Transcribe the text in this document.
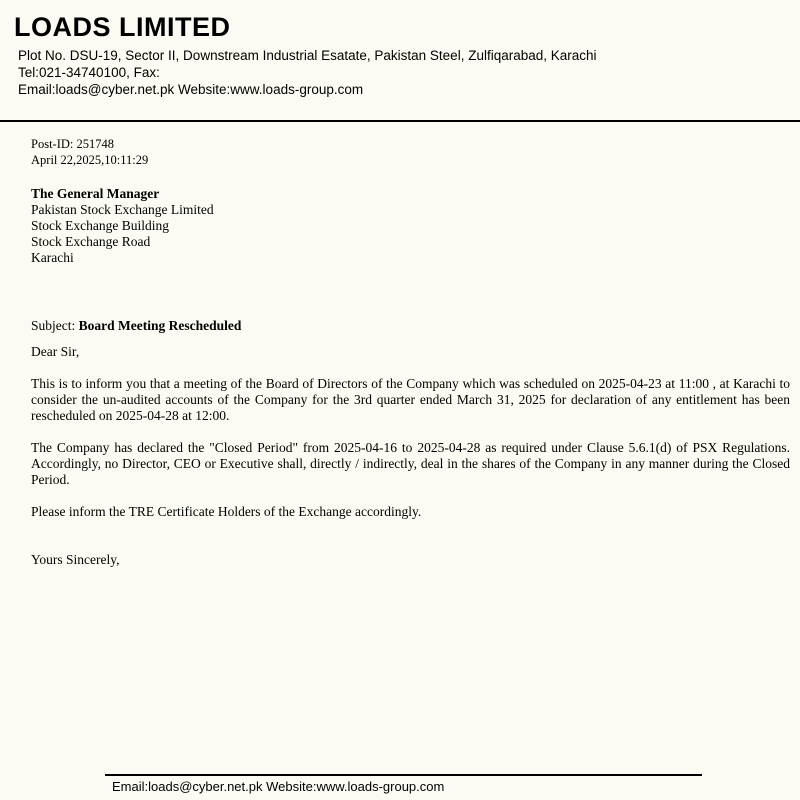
LOADS LIMITED
Plot No. DSU-19, Sector II, Downstream Industrial Esatate, Pakistan Steel, Zulfiqarabad, Karachi
Tel:021-34740100, Fax:
Email:loads@cyber.net.pk Website:www.loads-group.com
Post-ID: 251748
April 22,2025,10:11:29
The General Manager
Pakistan Stock Exchange Limited
Stock Exchange Building
Stock Exchange Road
Karachi
Subject: Board Meeting Rescheduled
Dear Sir,

This is to inform you that a meeting of the Board of Directors of the Company which was scheduled on 2025-04-23 at 11:00 , at Karachi to consider the un-audited accounts of the Company for the 3rd quarter ended March 31, 2025 for declaration of any entitlement has been rescheduled on 2025-04-28 at 12:00.

The Company has declared the "Closed Period" from 2025-04-16 to 2025-04-28 as required under Clause 5.6.1(d) of PSX Regulations. Accordingly, no Director, CEO or Executive shall, directly / indirectly, deal in the shares of the Company in any manner during the Closed Period.

Please inform the TRE Certificate Holders of the Exchange accordingly.

Yours Sincerely,
Email:loads@cyber.net.pk Website:www.loads-group.com
